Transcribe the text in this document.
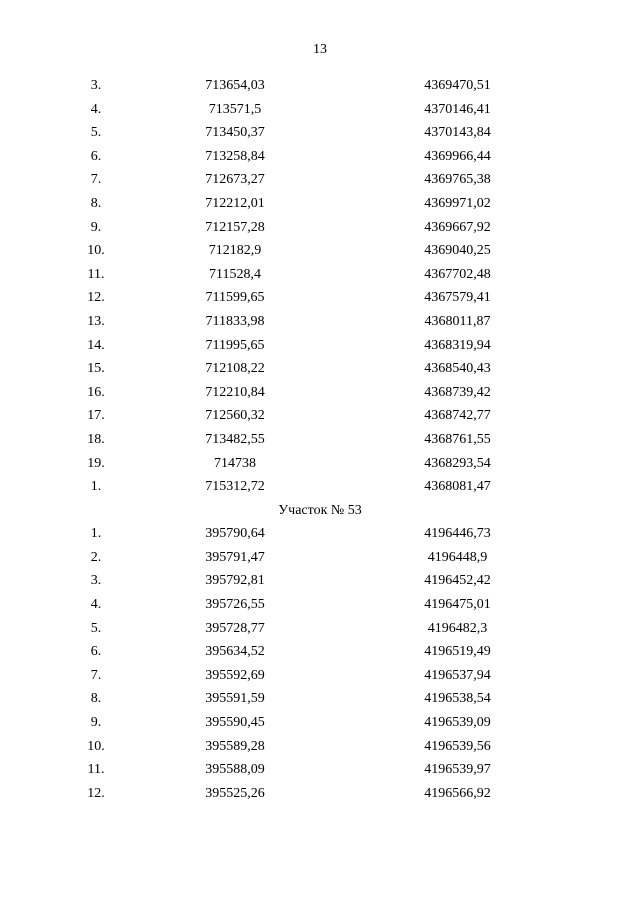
13
3.	713654,03	4369470,51
4.	713571,5	4370146,41
5.	713450,37	4370143,84
6.	713258,84	4369966,44
7.	712673,27	4369765,38
8.	712212,01	4369971,02
9.	712157,28	4369667,92
10.	712182,9	4369040,25
11.	711528,4	4367702,48
12.	711599,65	4367579,41
13.	711833,98	4368011,87
14.	711995,65	4368319,94
15.	712108,22	4368540,43
16.	712210,84	4368739,42
17.	712560,32	4368742,77
18.	713482,55	4368761,55
19.	714738	4368293,54
1.	715312,72	4368081,47
Участок № 53
1.	395790,64	4196446,73
2.	395791,47	4196448,9
3.	395792,81	4196452,42
4.	395726,55	4196475,01
5.	395728,77	4196482,3
6.	395634,52	4196519,49
7.	395592,69	4196537,94
8.	395591,59	4196538,54
9.	395590,45	4196539,09
10.	395589,28	4196539,56
11.	395588,09	4196539,97
12.	395525,26	4196566,92
